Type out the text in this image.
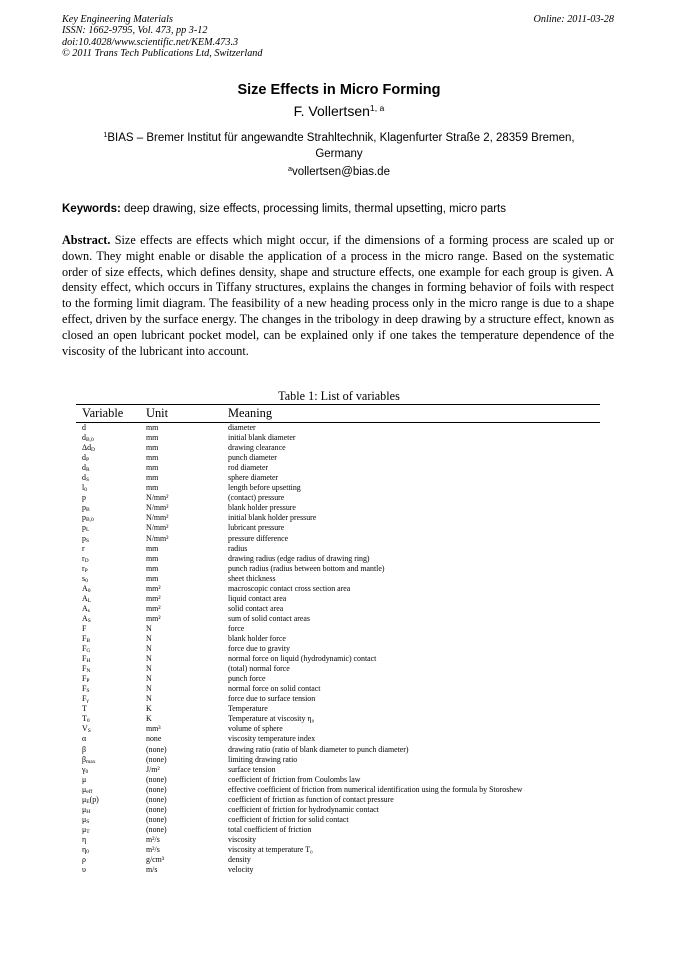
Key Engineering Materials
ISSN: 1662-9795, Vol. 473, pp 3-12
doi:10.4028/www.scientific.net/KEM.473.3
© 2011 Trans Tech Publications Ltd, Switzerland
Online: 2011-03-28
Size Effects in Micro Forming
F. Vollertsen$^{1, a}$
$^1$BIAS – Bremer Institut für angewandte Strahltechnik, Klagenfurter Straße 2, 28359 Bremen, Germany
$^a$vollertsen@bias.de
Keywords: deep drawing, size effects, processing limits, thermal upsetting, micro parts
Abstract. Size effects are effects which might occur, if the dimensions of a forming process are scaled up or down. They might enable or disable the application of a process in the micro range. Based on the systematic order of size effects, which defines density, shape and structure effects, one example for each group is given. A density effect, which occurs in Tiffany structures, explains the changes in forming behavior of foils with respect to the forming limit diagram. The feasibility of a new heading process only in the micro range is due to a shape effect, driven by the surface energy. The changes in the tribology in deep drawing by a structure effect, known as closed an open lubricant pocket model, can be explained only if one takes the temperature dependence of the viscosity of the lubricant into account.
Table 1: List of variables
Variable	Unit	Meaning
d	mm	diameter
$d_{B,0}$	mm	initial blank diameter
$\Delta d_D$	mm	drawing clearance
$d_P$	mm	punch diameter
$d_R$	mm	rod diameter
$d_S$	mm	sphere diameter
$l_0$	mm	length before upsetting
p	N/mm²	(contact) pressure
$p_B$	N/mm²	blank holder pressure
$p_{B,0}$	N/mm²	initial blank holder pressure
$p_L$	N/mm²	lubricant pressure
$p_S$	N/mm²	pressure difference
r	mm	radius
$r_D$	mm	drawing radius (edge radius of drawing ring)
$r_P$	mm	punch radius (radius between bottom and mantle)
$s_0$	mm	sheet thickness
$A_0$	mm²	macroscopic contact cross section area
$A_L$	mm²	liquid contact area
$A_s$	mm²	solid contact area
$A_S$	mm²	sum of solid contact areas
F	N	force
$F_B$	N	blank holder force
$F_G$	N	force due to gravity
$F_H$	N	normal force on liquid (hydrodynamic) contact
$F_N$	N	(total) normal force
$F_P$	N	punch force
$F_S$	N	normal force on solid contact
$F_\gamma$	N	force due to surface tension
T	K	Temperature
$T_0$	K	Temperature at viscosity η₀
$V_S$	mm³	volume of sphere
α	none	viscosity temperature index
β	(none)	drawing ratio (ratio of blank diameter to punch diameter)
$\beta_{max}$	(none)	limiting drawing ratio
$\gamma_0$	J/m²	surface tension
μ	(none)	coefficient of friction from Coulombs law
$\mu_{eff}$	(none)	effective coefficient of friction from numerical identification using the formula by Storoshew
$\mu_E(p)$	(none)	coefficient of friction as function of contact pressure
$\mu_H$	(none)	coefficient of friction for hydrodynamic contact
$\mu_S$	(none)	coefficient of friction for solid contact
$\mu_T$	(none)	total coefficient of friction
η	m²/s	viscosity
$\eta_0$	m²/s	viscosity at temperature T₀
ρ	g/cm³	density
υ	m/s	velocity
